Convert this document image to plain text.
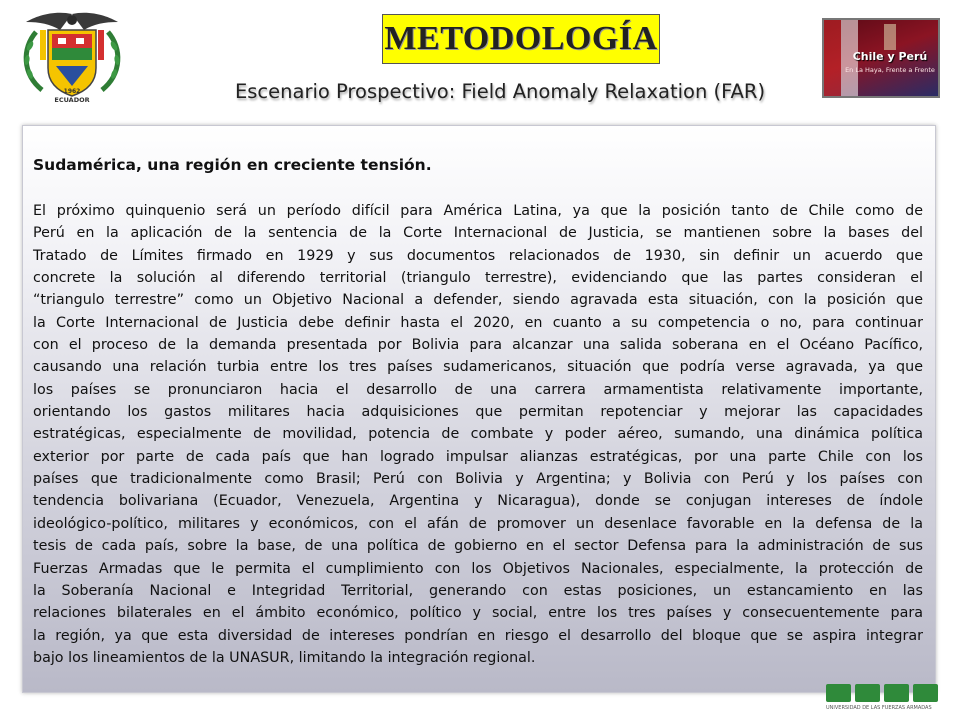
1962
ECUADOR
METODOLOGÍA
Escenario Prospectivo: Field Anomaly Relaxation (FAR)
Chile y Perú
En La Haya, Frente a Frente
Sudamérica, una región en creciente tensión.
El próximo quinquenio será un período difícil para América Latina, ya que la posición tanto de Chile como de
Perú en la aplicación de la sentencia de la Corte Internacional de Justicia, se mantienen sobre la bases del
Tratado de Límites firmado en 1929 y sus documentos relacionados de 1930, sin definir un acuerdo que
concrete la solución al diferendo territorial (triangulo terrestre), evidenciando que las partes consideran el
“triangulo terrestre” como un Objetivo Nacional a defender, siendo agravada esta situación, con la posición que
la Corte Internacional de Justicia debe definir hasta el 2020, en cuanto a su competencia o no, para continuar
con el proceso de la demanda presentada por Bolivia para alcanzar una salida soberana en el Océano Pacífico,
causando una relación turbia entre los tres países sudamericanos, situación que podría verse agravada, ya que
los países se pronunciaron hacia el desarrollo de una carrera armamentista relativamente importante,
orientando los gastos militares hacia adquisiciones que permitan repotenciar y mejorar las capacidades
estratégicas, especialmente de movilidad, potencia de combate y poder aéreo, sumando, una dinámica política
exterior por parte de cada país que han logrado impulsar alianzas estratégicas, por una parte Chile con los
países que tradicionalmente como Brasil; Perú con Bolivia y Argentina; y Bolivia con Perú y los países con
tendencia bolivariana (Ecuador, Venezuela, Argentina y Nicaragua), donde se conjugan intereses de índole
ideológico-político, militares y económicos, con el afán de promover un desenlace favorable en la defensa de la
tesis de cada país, sobre la base, de una política de gobierno en el sector Defensa para la administración de sus
Fuerzas Armadas que le permita el cumplimiento con los Objetivos Nacionales, especialmente, la protección de
la Soberanía Nacional e Integridad Territorial, generando con estas posiciones, un estancamiento en las
relaciones bilaterales en el ámbito económico, político y social, entre los tres países y consecuentemente para
la región, ya que esta diversidad de intereses pondrían en riesgo el desarrollo del bloque que se aspira integrar
bajo los lineamientos de la UNASUR, limitando la integración regional.
UNIVERSIDAD DE LAS FUERZAS ARMADAS
